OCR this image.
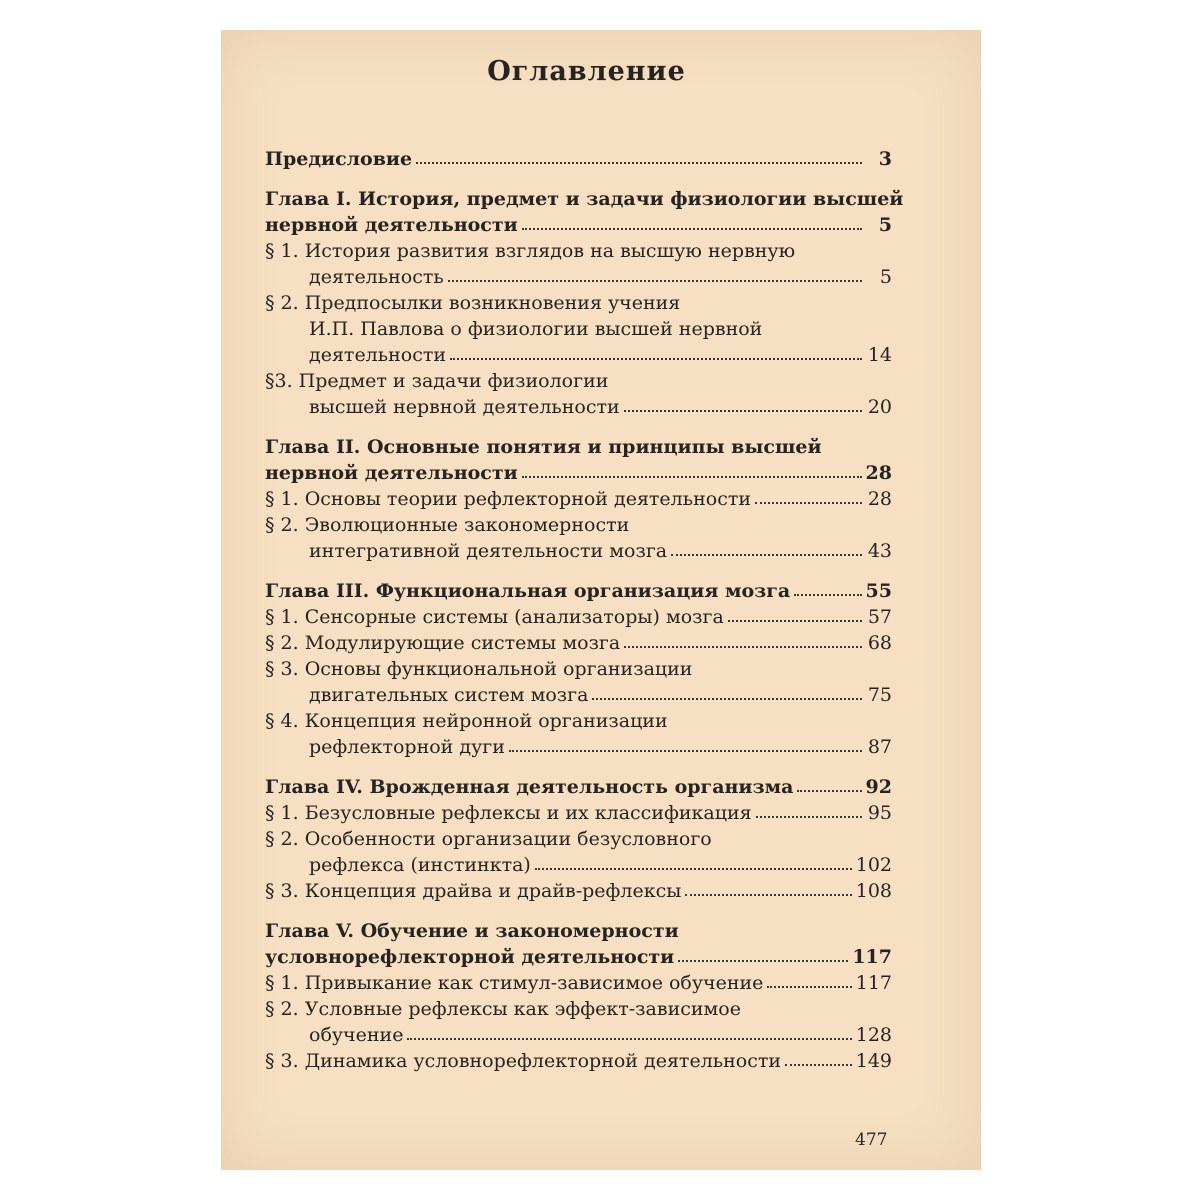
Оглавление
Предисловие	3
Глава I. История, предмет и задачи физиологии высшей
нервной деятельности	5
§ 1. История развития взглядов на высшую нервную
деятельность	5
§ 2. Предпосылки возникновения учения
И.П. Павлова о физиологии высшей нервной
деятельности	14
§3. Предмет и задачи физиологии
высшей нервной деятельности	20
Глава II. Основные понятия и принципы высшей
нервной деятельности	28
§ 1. Основы теории рефлекторной деятельности	28
§ 2. Эволюционные закономерности
интегративной деятельности мозга	43
Глава III. Функциональная организация мозга	55
§ 1. Сенсорные системы (анализаторы) мозга	57
§ 2. Модулирующие системы мозга	68
§ 3. Основы функциональной организации
двигательных систем мозга	75
§ 4. Концепция нейронной организации
рефлекторной дуги	87
Глава IV. Врожденная деятельность организма	92
§ 1. Безусловные рефлексы и их классификация	95
§ 2. Особенности организации безусловного
рефлекса (инстинкта)	102
§ 3. Концепция драйва и драйв-рефлексы	108
Глава V. Обучение и закономерности
условнорефлекторной деятельности	117
§ 1. Привыкание как стимул-зависимое обучение	117
§ 2. Условные рефлексы как эффект-зависимое
обучение	128
§ 3. Динамика условнорефлекторной деятельности	149
477
